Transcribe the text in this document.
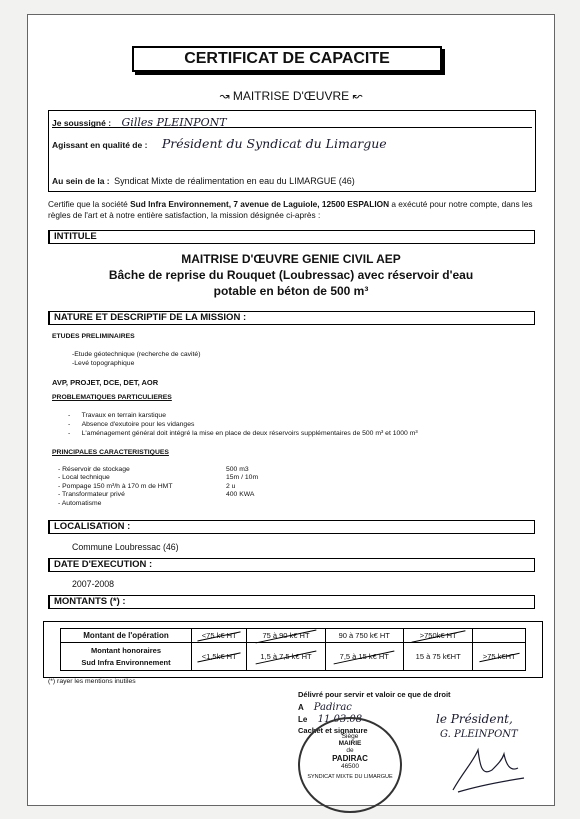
CERTIFICAT DE CAPACITE
↝ MAITRISE D'ŒUVRE ↜
Je soussigné : Gilles PLEINPONT
Agissant en qualité de : Président du Syndicat du Limargue
Au sein de la : Syndicat Mixte de réalimentation en eau du LIMARGUE (46)
Certifie que la société Sud Infra Environnement, 7 avenue de Laguiole, 12500 ESPALION a exécuté pour notre compte, dans les règles de l'art et à notre entière satisfaction, la mission désignée ci-après :
INTITULE
MAITRISE D'ŒUVRE GENIE CIVIL AEP
Bâche de reprise du Rouquet (Loubressac) avec réservoir d'eau
potable en béton de 500 m³
NATURE ET DESCRIPTIF DE LA MISSION :
ETUDES PRELIMINAIRES
-Etude géotechnique (recherche de cavité)
-Levé topographique
AVP, PROJET, DCE, DET, AOR
PROBLEMATIQUES PARTICULIERES
-      Travaux en terrain karstique
-      Absence d'exutoire pour les vidanges
-      L'aménagement général doit intégré la mise en place de deux réservoirs supplémentaires de 500 m³ et 1000 m³
PRINCIPALES CARACTERISTIQUES
- Réservoir de stockage	500 m3
- Local technique	15m / 10m
- Pompage 150 m³/h à 170 m de HMT	2 u
- Transformateur privé	400 KWA
- Automatisme
LOCALISATION :
Commune Loubressac (46)
DATE D'EXECUTION :
2007-2008
MONTANTS (*) :
Montant de l'opération	<75 k€ HT	75 à 90 k€ HT	90 à 750 k€ HT	>750k€ HT	

Montant honoraires
Sud Infra Environnement	<1,5k€ HT	1,5 à 7,5 k€ HT	7,5 à 15 k€ HT	15 à 75 k€HT	>75 k€HT
(*) rayer les mentions inutiles
Délivré pour servir et valoir ce que de droit
A Padirac
Le 11.03.08
Cachet et signature
Siège
MAIRIE
de
PADIRAC
46500
SYNDICAT MIXTE DU LIMARGUE
le Président,
G. PLEINPONT
